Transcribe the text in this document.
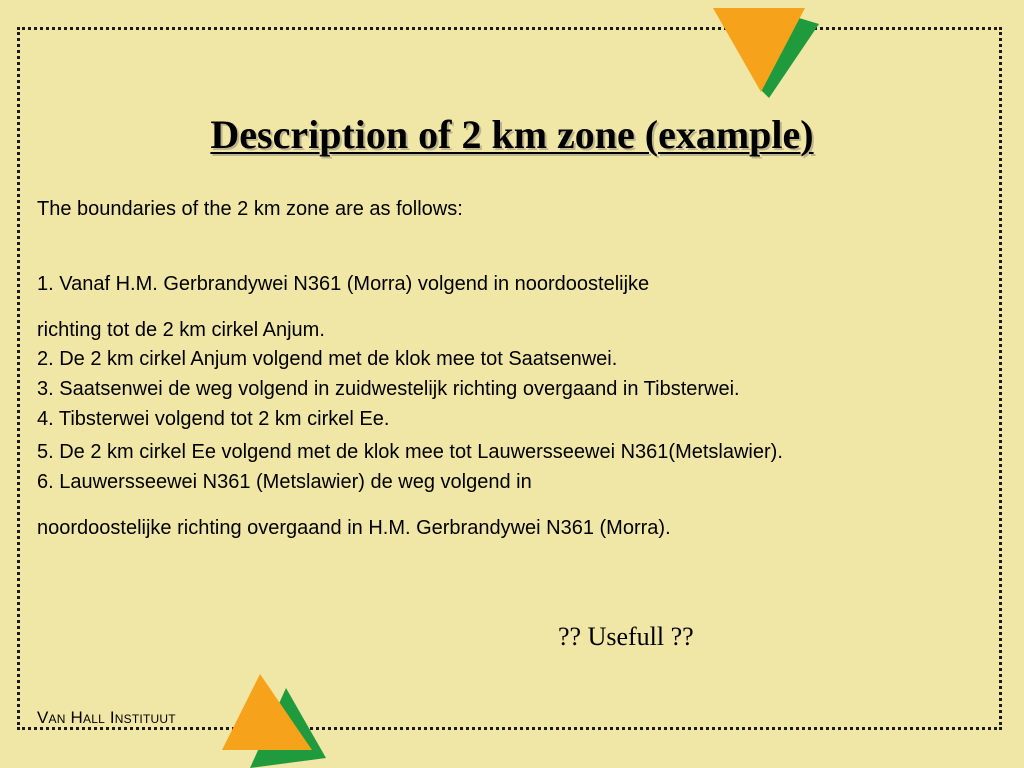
Description of 2 km zone (example)

The boundaries of the 2 km zone are as follows:

1. Vanaf H.M. Gerbrandywei N361 (Morra) volgend in noordoostelijke

richting tot de 2 km cirkel Anjum.

2. De 2 km cirkel Anjum volgend met de klok mee tot Saatsenwei.

3. Saatsenwei de weg volgend in zuidwestelijk richting overgaand in Tibsterwei.

4. Tibsterwei volgend tot 2 km cirkel Ee.

5. De 2 km cirkel Ee volgend met de klok mee tot Lauwersseewei N361(Metslawier).

6. Lauwersseewei N361 (Metslawier) de weg volgend in

noordoostelijke richting overgaand in H.M. Gerbrandywei N361 (Morra).

?? Usefull ??

Van Hall Instituut
